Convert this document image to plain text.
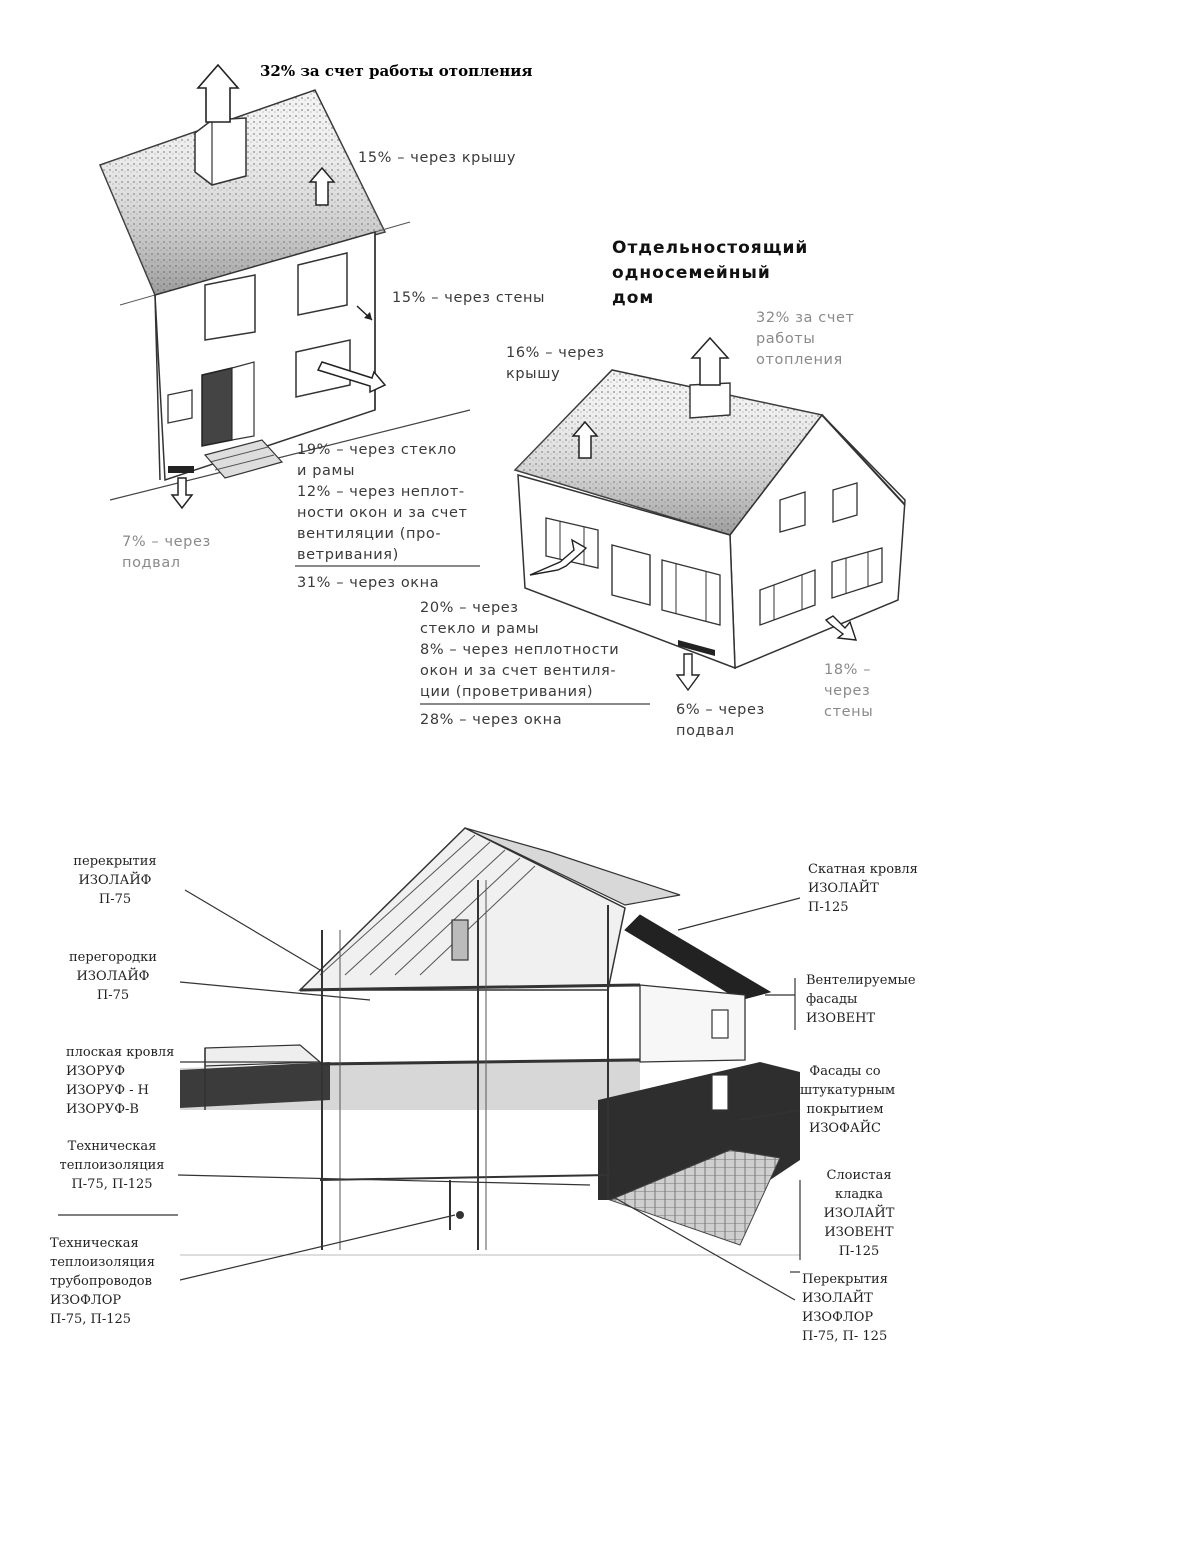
32% за счет работы отопления
15% – через крышу
15% – через стены
19% – через стекло
и рамы
12% – через неплот-
ности окон и за счет
вентиляции (про-
ветривания)
31% – через окна
7% – через
подвал
Отдельностоящий
односемейный
дом
32% за счет
работы
отопления
16% – через
крышу
20% – через
стекло и рамы
8% – через неплотности
окон и за счет вентиля-
ции (проветривания)
28% – через окна
6% – через
подвал
18% –
через
стены
перекрытия
ИЗОЛАЙФ
П-75
перегородки
ИЗОЛАЙФ
П-75
плоская кровля
ИЗОРУФ
ИЗОРУФ - Н
ИЗОРУФ-В
Техническая
теплоизоляция
П-75, П-125
Техническая
теплоизоляция
трубопроводов
ИЗОФЛОР
П-75, П-125
Скатная кровля
ИЗОЛАЙТ
П-125
Вентелируемые
фасады
ИЗОВЕНТ
Фасады со
штукатурным
покрытием
ИЗОФАЙС
Слоистая кладка
ИЗОЛАЙТ
ИЗОВЕНТ
П-125
Перекрытия
ИЗОЛАЙТ
ИЗОФЛОР
П-75, П- 125
